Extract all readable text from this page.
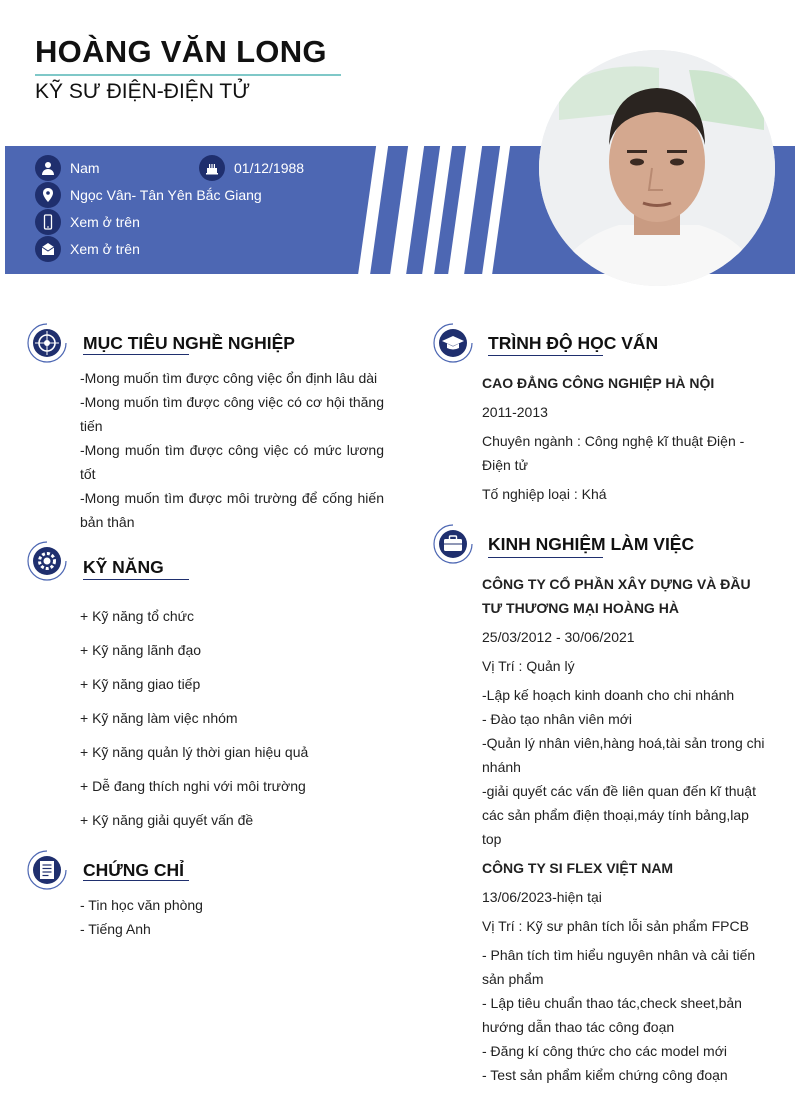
HOÀNG VĂN LONG
KỸ SƯ ĐIỆN-ĐIỆN TỬ
Nam	01/12/1988
Ngọc Vân- Tân Yên Bắc Giang
Xem ở trên
Xem ở trên
MỤC TIÊU NGHỀ NGHIỆP
-Mong muốn tìm được công việc ổn định lâu dài
-Mong muốn tìm được công việc có cơ hội thăng tiến
-Mong muốn tìm được công việc có mức lương tốt
-Mong muốn tìm được môi trường để cống hiến bản thân
KỸ NĂNG
+ Kỹ năng tổ chức
+ Kỹ năng lãnh đạo
+ Kỹ năng giao tiếp
+ Kỹ năng làm việc nhóm
+ Kỹ năng quản lý thời gian hiệu quả
+ Dễ đang thích nghi với môi trường
+ Kỹ năng giải quyết vấn đề
CHỨNG CHỈ
- Tin học văn phòng
- Tiếng Anh
TRÌNH ĐỘ HỌC VẤN
CAO ĐẲNG CÔNG NGHIỆP HÀ NỘI
2011-2013
Chuyên ngành : Công nghệ kĩ thuật Điện - Điện tử
Tố nghiệp loại : Khá
KINH NGHIỆM LÀM VIỆC
CÔNG TY CỔ PHẦN XÂY DỰNG VÀ ĐẦU TƯ THƯƠNG MẠI HOÀNG HÀ
25/03/2012 - 30/06/2021
Vị Trí : Quản lý
-Lập kế hoạch kinh doanh cho chi nhánh
- Đào tạo nhân viên mới
-Quản lý nhân viên,hàng hoá,tài sản trong chi nhánh
-giải quyết các vấn đề liên quan đến kĩ thuật các sản phẩm điện thoại,máy tính bảng,lap top
CÔNG TY SI FLEX VIỆT NAM
13/06/2023-hiện tại
Vị Trí : Kỹ sư phân tích lỗi sản phẩm FPCB
- Phân tích tìm hiểu nguyên nhân và cải tiến sản phẩm
- Lập tiêu chuẩn thao tác,check sheet,bản hướng dẫn thao tác công đoạn
- Đăng kí công thức cho các model mới
- Test sản phẩm kiểm chứng công đoạn
